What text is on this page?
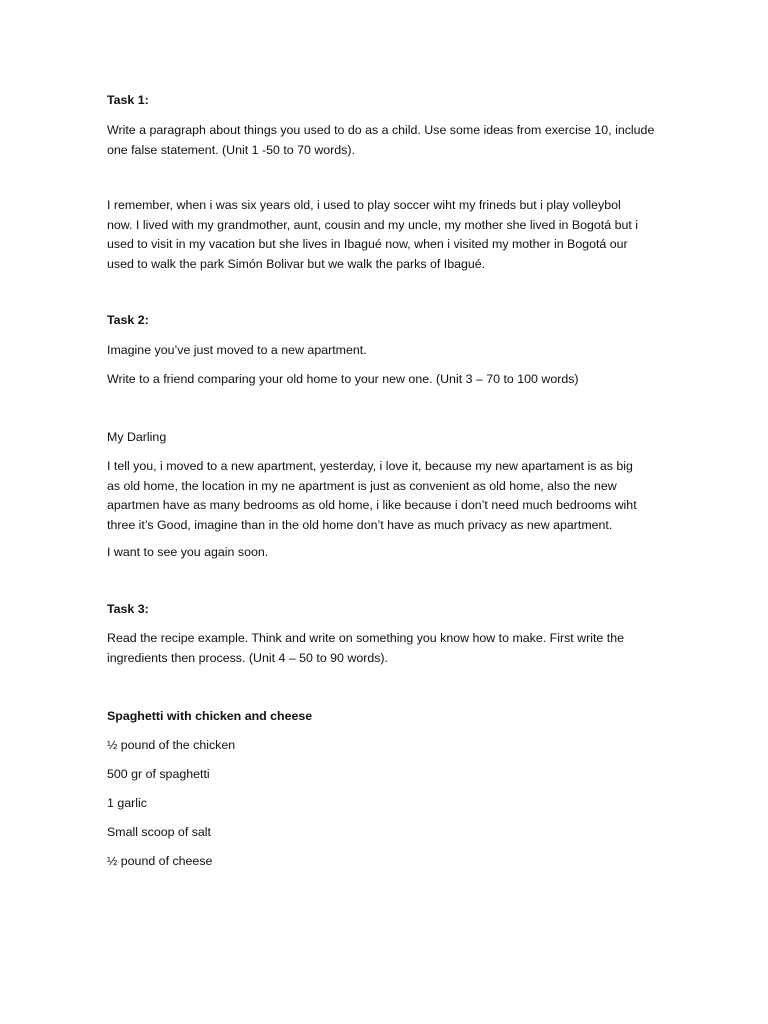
Task 1:
Write a paragraph about things you used to do as a child. Use some ideas from exercise 10, include
one false statement. (Unit 1 -50 to 70 words).
I remember, when i was six years old, i used to play soccer wiht my frineds but i play volleybol
now. I lived with my grandmother, aunt, cousin and my uncle, my mother she lived in Bogotá but i
used to visit in my vacation but she lives in Ibagué now, when i visited my mother in Bogotá our
used to walk the park Simón Bolivar but we walk the parks of Ibagué.
Task 2:
Imagine you’ve just moved to a new apartment.
Write to a friend comparing your old home to your new one. (Unit 3 – 70 to 100 words)
My Darling
I tell you, i moved to a new apartment, yesterday, i love it, because my new apartament is as big
as old home, the location in my ne apartment is just as convenient as old home, also the new
apartmen have as many bedrooms as old home, i like because i don’t need much bedrooms wiht
three it’s Good, imagine than in the old home don’t have as much privacy as new apartment.
I want to see you again soon.
Task 3:
Read the recipe example. Think and write on something you know how to make. First write the
ingredients then process. (Unit 4 – 50 to 90 words).
Spaghetti with chicken and cheese
½ pound of the chicken
500 gr of spaghetti
1 garlic
Small scoop of salt
½ pound of cheese
